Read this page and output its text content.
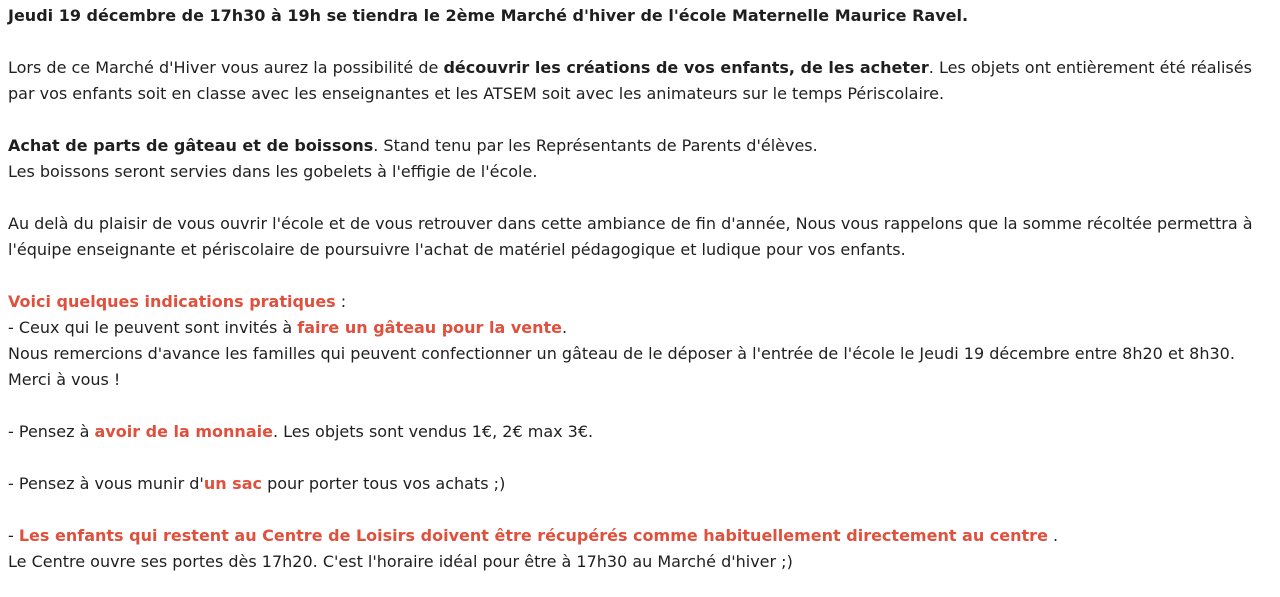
Jeudi 19 décembre de 17h30 à 19h se tiendra le 2ème Marché d'hiver de l'école Maternelle Maurice Ravel.

Lors de ce Marché d'Hiver vous aurez la possibilité de découvrir les créations de vos enfants, de les acheter. Les objets ont entièrement été réalisés par vos enfants soit en classe avec les enseignantes et les ATSEM soit avec les animateurs sur le temps Périscolaire.

Achat de parts de gâteau et de boissons. Stand tenu par les Représentants de Parents d'élèves.
Les boissons seront servies dans les gobelets à l'effigie de l'école.

Au delà du plaisir de vous ouvrir l'école et de vous retrouver dans cette ambiance de fin d'année, Nous vous rappelons que la somme récoltée permettra à l'équipe enseignante et périscolaire de poursuivre l'achat de matériel pédagogique et ludique pour vos enfants.

Voici quelques indications pratiques :
- Ceux qui le peuvent sont invités à faire un gâteau pour la vente.
Nous remercions d'avance les familles qui peuvent confectionner un gâteau de le déposer à l'entrée de l'école le Jeudi 19 décembre entre 8h20 et 8h30. Merci à vous !

- Pensez à avoir de la monnaie. Les objets sont vendus 1€, 2€ max 3€.

- Pensez à vous munir d'un sac pour porter tous vos achats ;)

- Les enfants qui restent au Centre de Loisirs doivent être récupérés comme habituellement directement au centre .
Le Centre ouvre ses portes dès 17h20. C'est l'horaire idéal pour être à 17h30 au Marché d'hiver ;)
